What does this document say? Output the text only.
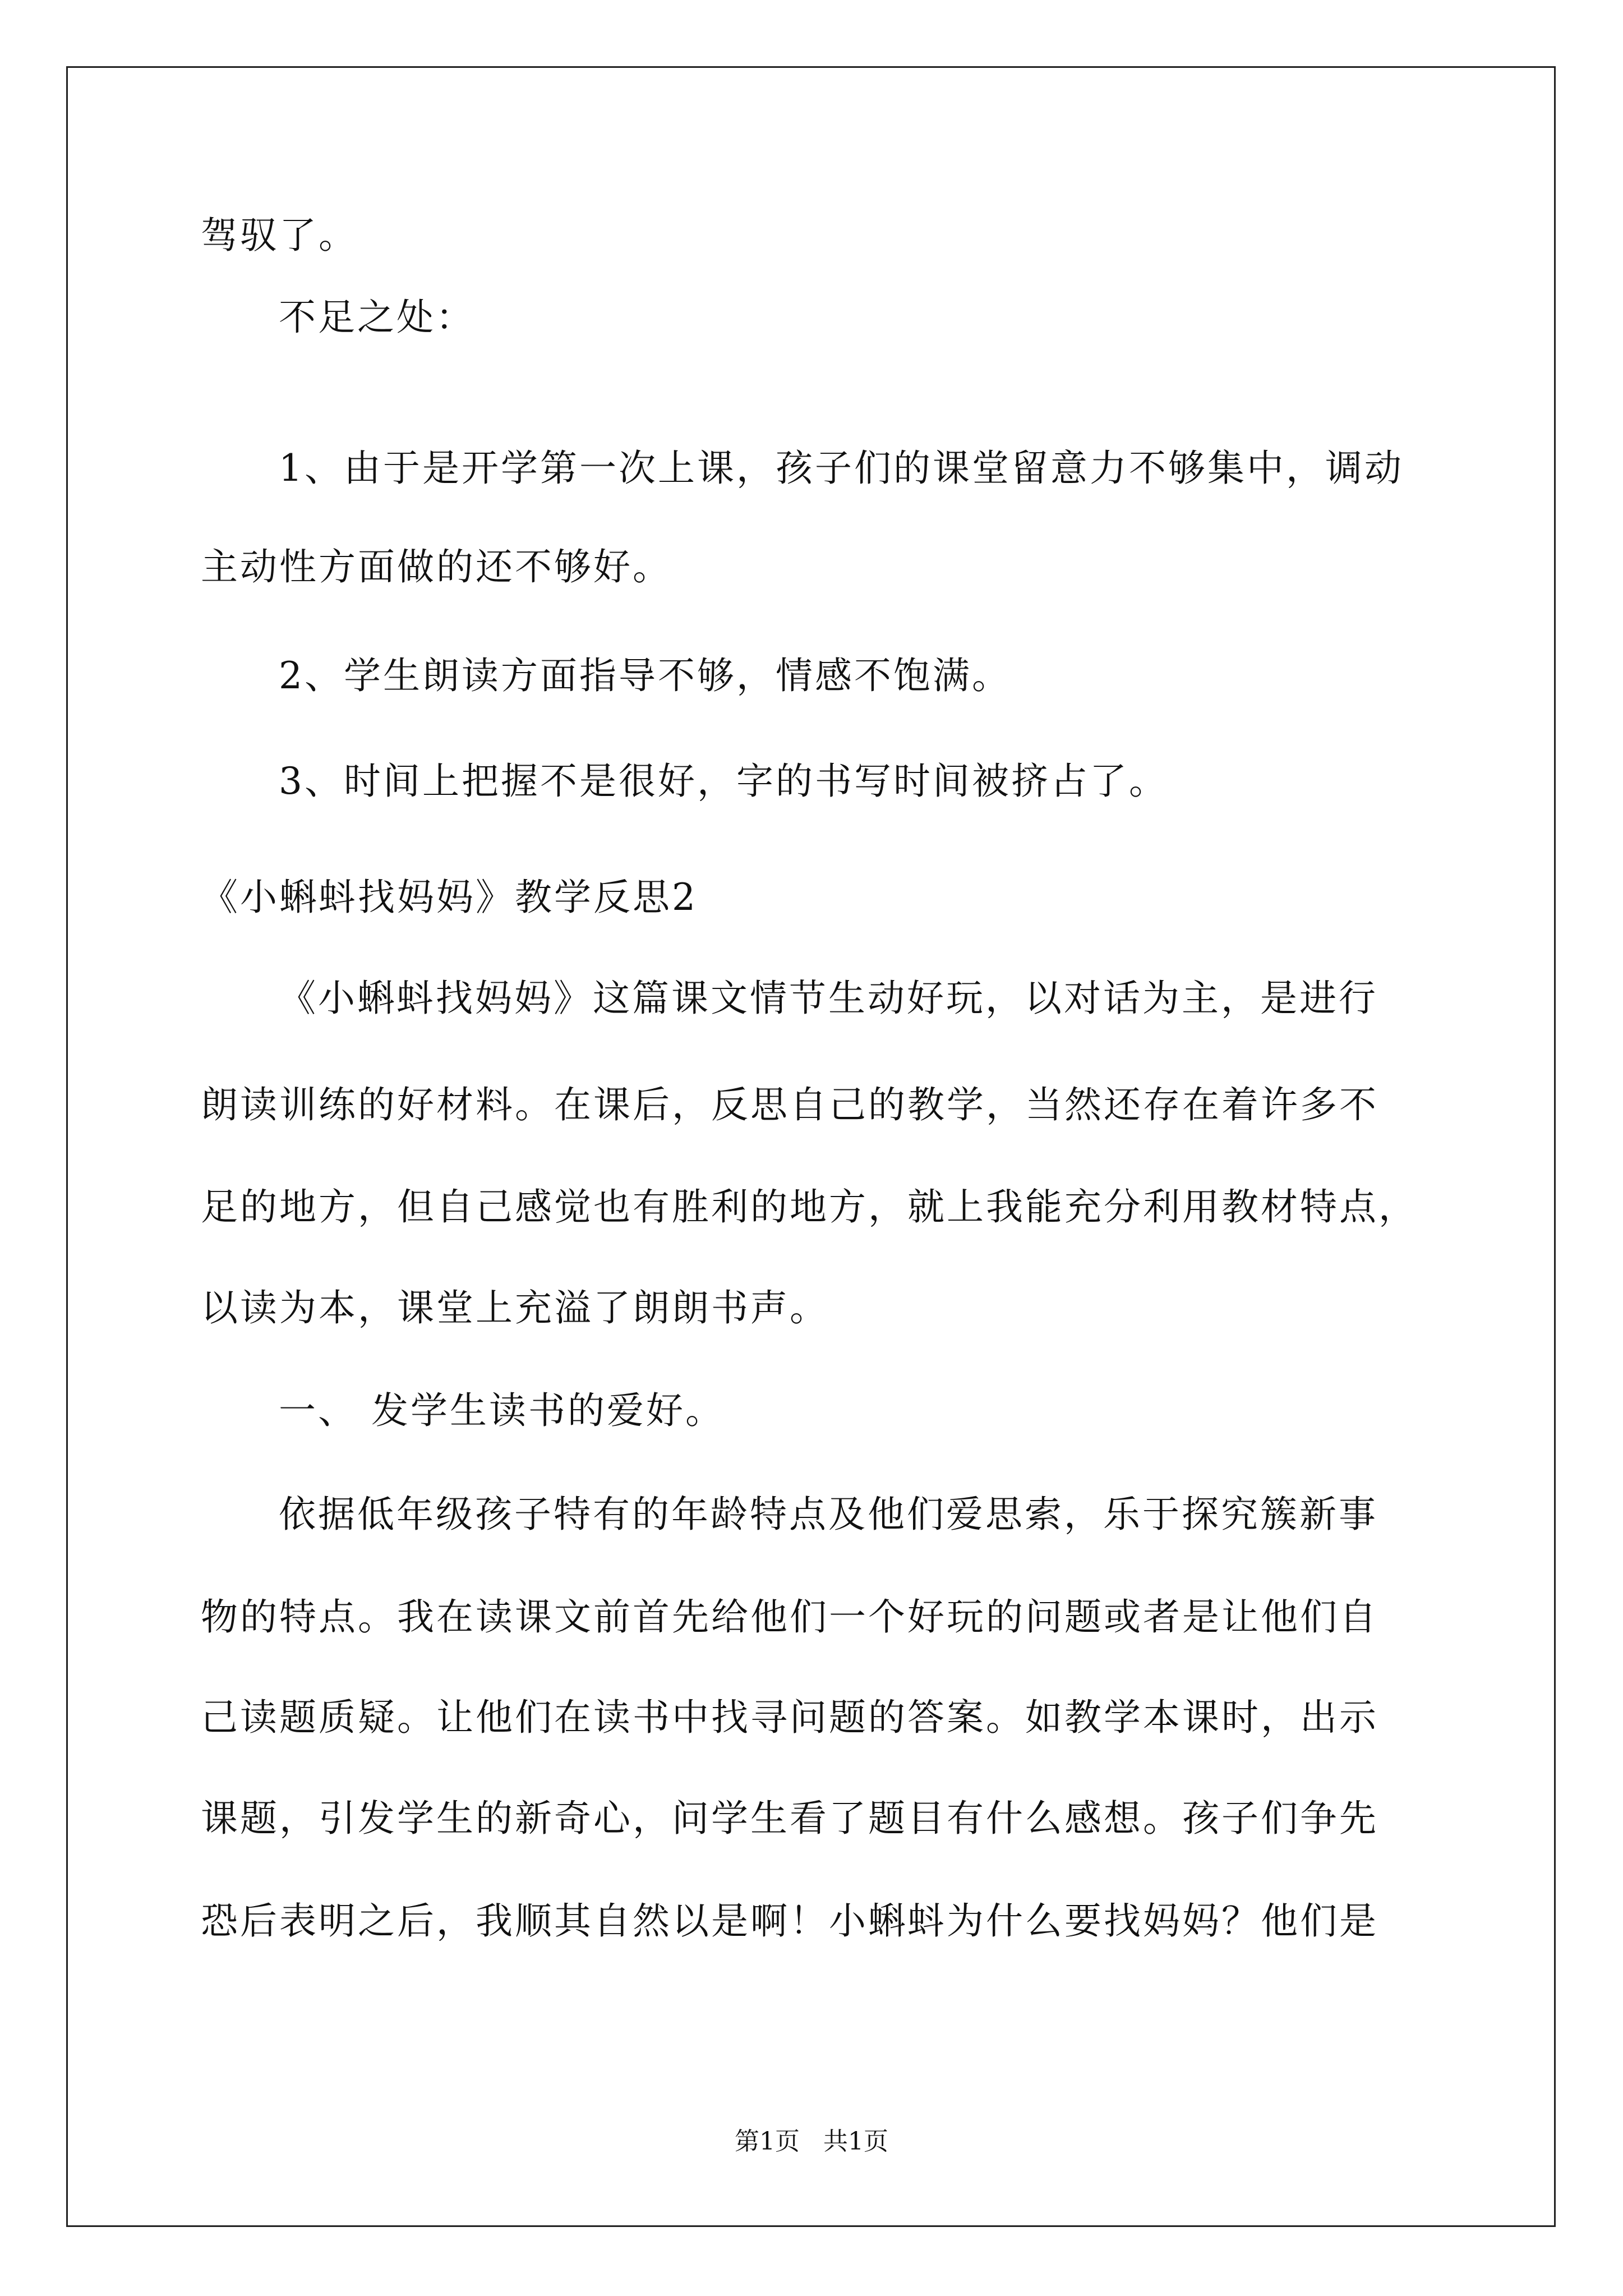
驾驭了。

不足之处：

1、由于是开学第一次上课，孩子们的课堂留意力不够集中，调动

主动性方面做的还不够好。

2、学生朗读方面指导不够，情感不饱满。

3、时间上把握不是很好，字的书写时间被挤占了。

《小蝌蚪找妈妈》教学反思2

《小蝌蚪找妈妈》这篇课文情节生动好玩，以对话为主，是进行

朗读训练的好材料。在课后，反思自己的教学，当然还存在着许多不

足的地方，但自己感觉也有胜利的地方，就上我能充分利用教材特点，

以读为本，课堂上充溢了朗朗书声。

一、 发学生读书的爱好。

依据低年级孩子特有的年龄特点及他们爱思索，乐于探究簇新事

物的特点。我在读课文前首先给他们一个好玩的问题或者是让他们自

己读题质疑。让他们在读书中找寻问题的答案。如教学本课时，出示

课题，引发学生的新奇心，问学生看了题目有什么感想。孩子们争先

恐后表明之后，我顺其自然以是啊！小蝌蚪为什么要找妈妈？他们是

第1页   共1页
